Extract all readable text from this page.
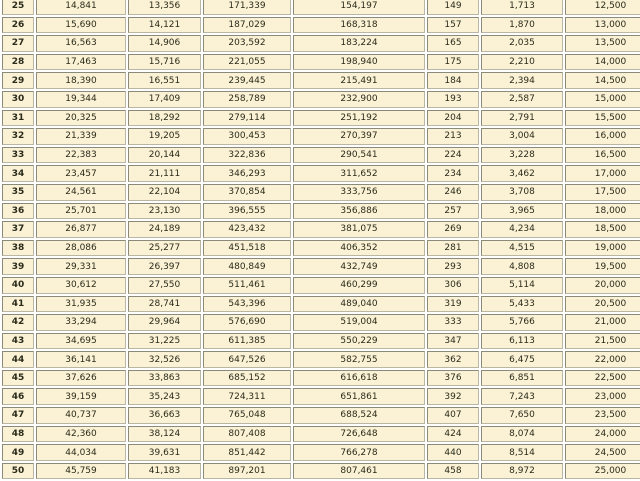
25	14,841	13,356	171,339	154,197	149	1,713	12,500
26	15,690	14,121	187,029	168,318	157	1,870	13,000
27	16,563	14,906	203,592	183,224	165	2,035	13,500
28	17,463	15,716	221,055	198,940	175	2,210	14,000
29	18,390	16,551	239,445	215,491	184	2,394	14,500
30	19,344	17,409	258,789	232,900	193	2,587	15,000
31	20,325	18,292	279,114	251,192	204	2,791	15,500
32	21,339	19,205	300,453	270,397	213	3,004	16,000
33	22,383	20,144	322,836	290,541	224	3,228	16,500
34	23,457	21,111	346,293	311,652	234	3,462	17,000
35	24,561	22,104	370,854	333,756	246	3,708	17,500
36	25,701	23,130	396,555	356,886	257	3,965	18,000
37	26,877	24,189	423,432	381,075	269	4,234	18,500
38	28,086	25,277	451,518	406,352	281	4,515	19,000
39	29,331	26,397	480,849	432,749	293	4,808	19,500
40	30,612	27,550	511,461	460,299	306	5,114	20,000
41	31,935	28,741	543,396	489,040	319	5,433	20,500
42	33,294	29,964	576,690	519,004	333	5,766	21,000
43	34,695	31,225	611,385	550,229	347	6,113	21,500
44	36,141	32,526	647,526	582,755	362	6,475	22,000
45	37,626	33,863	685,152	616,618	376	6,851	22,500
46	39,159	35,243	724,311	651,861	392	7,243	23,000
47	40,737	36,663	765,048	688,524	407	7,650	23,500
48	42,360	38,124	807,408	726,648	424	8,074	24,000
49	44,034	39,631	851,442	766,278	440	8,514	24,500
50	45,759	41,183	897,201	807,461	458	8,972	25,000
